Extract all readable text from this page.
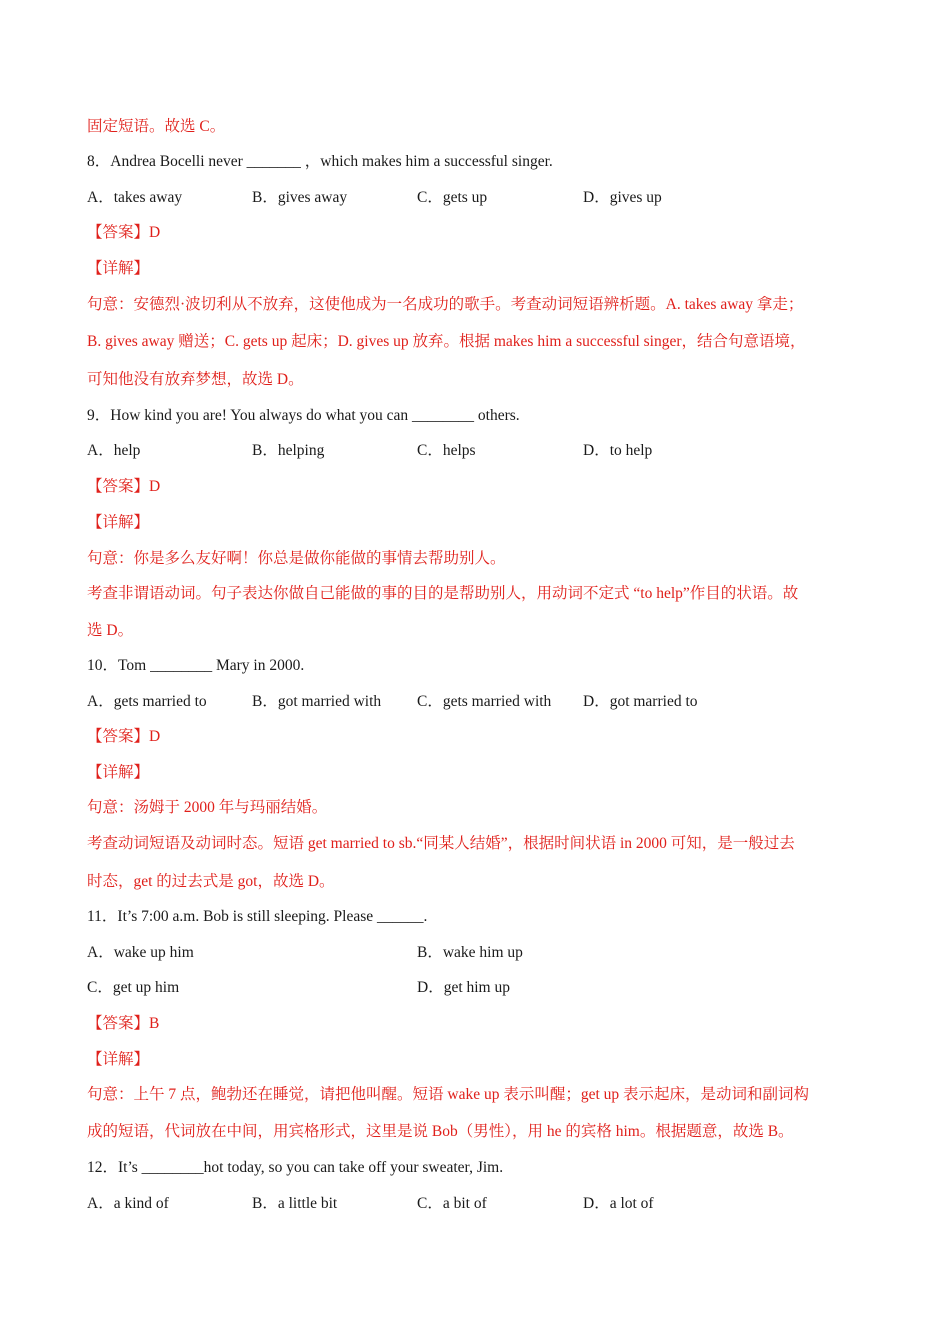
固定短语。故选 C。
8．Andrea Bocelli never _______ ，which makes him a successful singer.
A．takes away	B．gives away	C．gets up	D．gives up
【答案】D
【详解】
句意：安德烈·波切利从不放弃，这使他成为一名成功的歌手。考查动词短语辨析题。A. takes away 拿走；
B. gives away 赠送；C. gets up 起床；D. gives up 放弃。根据 makes him a successful singer，结合句意语境，
可知他没有放弃梦想，故选 D。
9．How kind you are! You always do what you can ________ others.
A．help	B．helping	C．helps	D．to help
【答案】D
【详解】
句意：你是多么友好啊！你总是做你能做的事情去帮助别人。
考查非谓语动词。句子表达你做自己能做的事的目的是帮助别人，用动词不定式 “to help”作目的状语。故
选 D。
10．Tom ________ Mary in 2000.
A．gets married to	B．got married with C．gets married with D．got married to
【答案】D
【详解】
句意：汤姆于 2000 年与玛丽结婚。
考查动词短语及动词时态。短语 get married to sb.“同某人结婚”，根据时间状语 in 2000 可知，是一般过去
时态，get 的过去式是 got，故选 D。
11．It’s 7:00 a.m. Bob is still sleeping. Please ______.
A．wake up him	B．wake him up
C．get up him	D．get him up
【答案】B
【详解】
句意：上午 7 点，鲍勃还在睡觉，请把他叫醒。短语 wake up 表示叫醒；get up 表示起床，是动词和副词构
成的短语，代词放在中间，用宾格形式，这里是说 Bob（男性），用 he 的宾格 him。根据题意，故选 B。
12．It’s ________hot today, so you can take off your sweater, Jim.
A．a kind of	B．a little bit	C．a bit of	D．a lot of
